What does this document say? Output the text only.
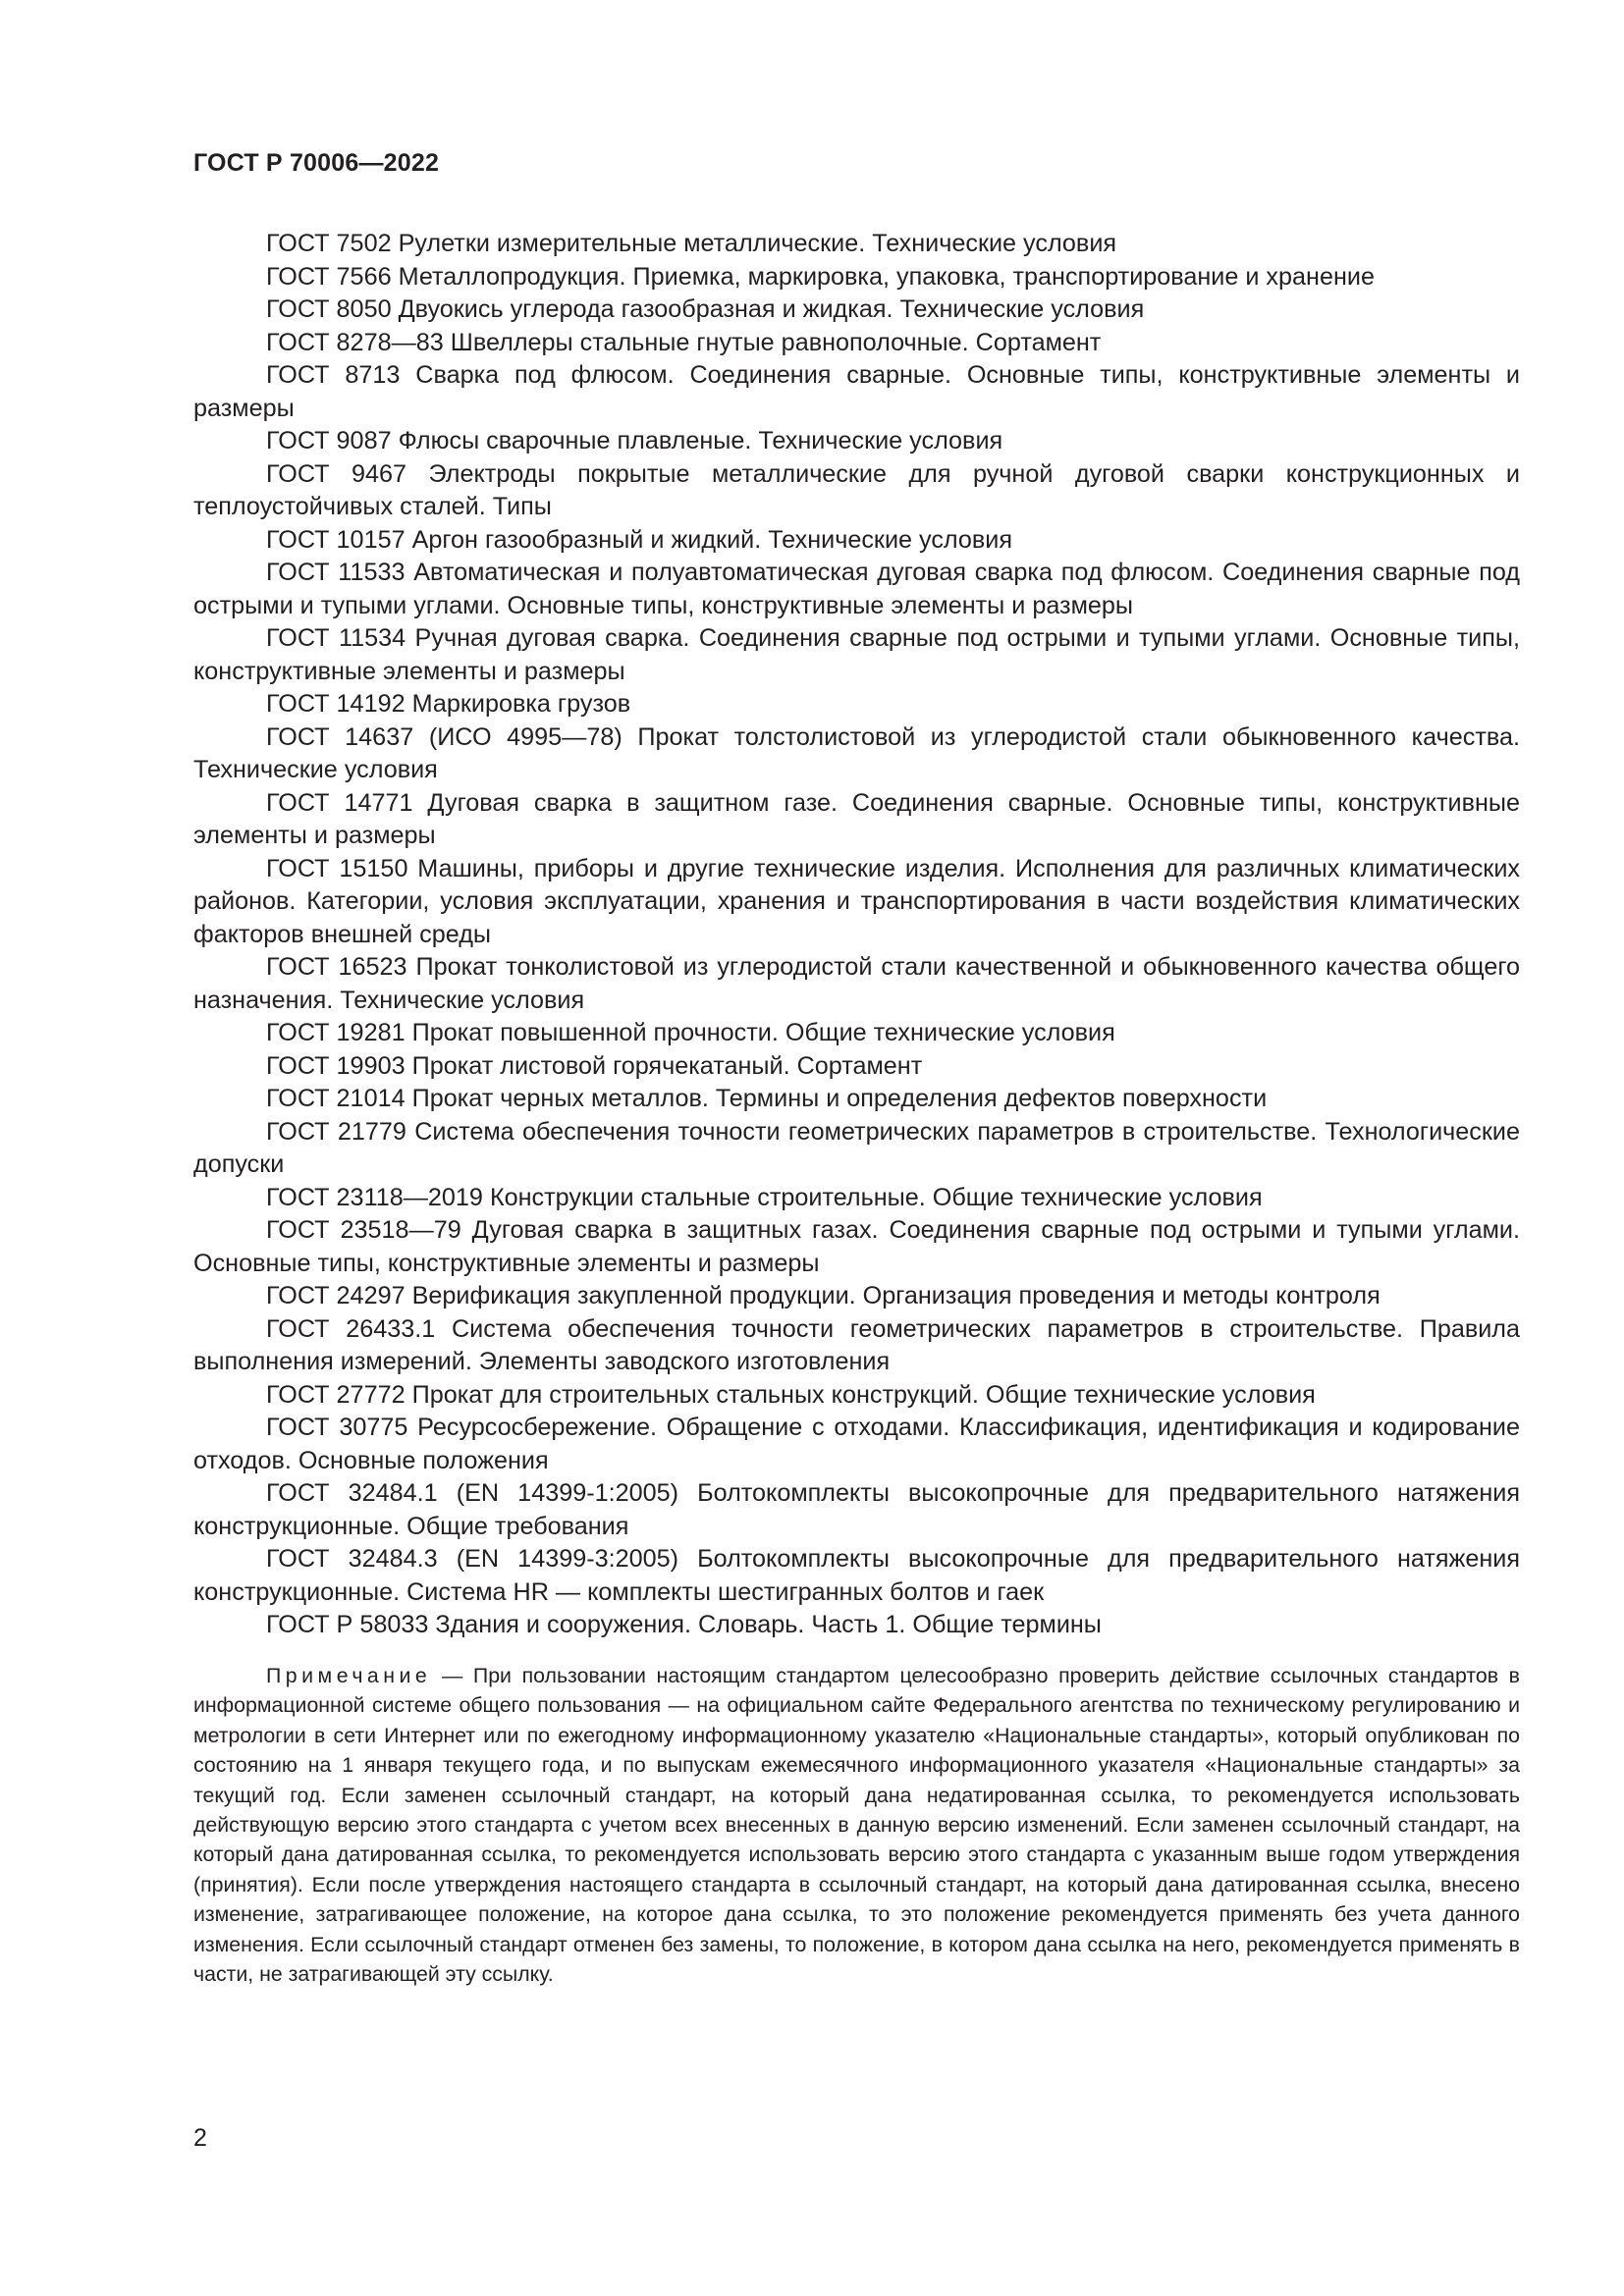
ГОСТ Р 70006—2022
ГОСТ 7502 Рулетки измерительные металлические. Технические условия
ГОСТ 7566 Металлопродукция. Приемка, маркировка, упаковка, транспортирование и хранение
ГОСТ 8050 Двуокись углерода газообразная и жидкая. Технические условия
ГОСТ 8278—83 Швеллеры стальные гнутые равнополочные. Сортамент
ГОСТ 8713 Сварка под флюсом. Соединения сварные. Основные типы, конструктивные элементы и размеры
ГОСТ 9087 Флюсы сварочные плавленые. Технические условия
ГОСТ 9467 Электроды покрытые металлические для ручной дуговой сварки конструкционных и теплоустойчивых сталей. Типы
ГОСТ 10157 Аргон газообразный и жидкий. Технические условия
ГОСТ 11533 Автоматическая и полуавтоматическая дуговая сварка под флюсом. Соединения сварные под острыми и тупыми углами. Основные типы, конструктивные элементы и размеры
ГОСТ 11534 Ручная дуговая сварка. Соединения сварные под острыми и тупыми углами. Основные типы, конструктивные элементы и размеры
ГОСТ 14192 Маркировка грузов
ГОСТ 14637 (ИСО 4995—78) Прокат толстолистовой из углеродистой стали обыкновенного качества. Технические условия
ГОСТ 14771 Дуговая сварка в защитном газе. Соединения сварные. Основные типы, конструктивные элементы и размеры
ГОСТ 15150 Машины, приборы и другие технические изделия. Исполнения для различных климатических районов. Категории, условия эксплуатации, хранения и транспортирования в части воздействия климатических факторов внешней среды
ГОСТ 16523 Прокат тонколистовой из углеродистой стали качественной и обыкновенного качества общего назначения. Технические условия
ГОСТ 19281 Прокат повышенной прочности. Общие технические условия
ГОСТ 19903 Прокат листовой горячекатаный. Сортамент
ГОСТ 21014 Прокат черных металлов. Термины и определения дефектов поверхности
ГОСТ 21779 Система обеспечения точности геометрических параметров в строительстве. Технологические допуски
ГОСТ 23118—2019 Конструкции стальные строительные. Общие технические условия
ГОСТ 23518—79 Дуговая сварка в защитных газах. Соединения сварные под острыми и тупыми углами. Основные типы, конструктивные элементы и размеры
ГОСТ 24297 Верификация закупленной продукции. Организация проведения и методы контроля
ГОСТ 26433.1 Система обеспечения точности геометрических параметров в строительстве. Правила выполнения измерений. Элементы заводского изготовления
ГОСТ 27772 Прокат для строительных стальных конструкций. Общие технические условия
ГОСТ 30775 Ресурсосбережение. Обращение с отходами. Классификация, идентификация и кодирование отходов. Основные положения
ГОСТ 32484.1 (EN 14399-1:2005) Болтокомплекты высокопрочные для предварительного натяжения конструкционные. Общие требования
ГОСТ 32484.3 (EN 14399-3:2005) Болтокомплекты высокопрочные для предварительного натяжения конструкционные. Система HR — комплекты шестигранных болтов и гаек
ГОСТ Р 58033 Здания и сооружения. Словарь. Часть 1. Общие термины

Примечание — При пользовании настоящим стандартом целесообразно проверить действие ссылочных стандартов в информационной системе общего пользования — на официальном сайте Федерального агентства по техническому регулированию и метрологии в сети Интернет или по ежегодному информационному указателю «Национальные стандарты», который опубликован по состоянию на 1 января текущего года, и по выпускам ежемесячного информационного указателя «Национальные стандарты» за текущий год. Если заменен ссылочный стандарт, на который дана недатированная ссылка, то рекомендуется использовать действующую версию этого стандарта с учетом всех внесенных в данную версию изменений. Если заменен ссылочный стандарт, на который дана датированная ссылка, то рекомендуется использовать версию этого стандарта с указанным выше годом утверждения (принятия). Если после утверждения настоящего стандарта в ссылочный стандарт, на который дана датированная ссылка, внесено изменение, затрагивающее положение, на которое дана ссылка, то это положение рекомендуется применять без учета данного изменения. Если ссылочный стандарт отменен без замены, то положение, в котором дана ссылка на него, рекомендуется применять в части, не затрагивающей эту ссылку.

2
